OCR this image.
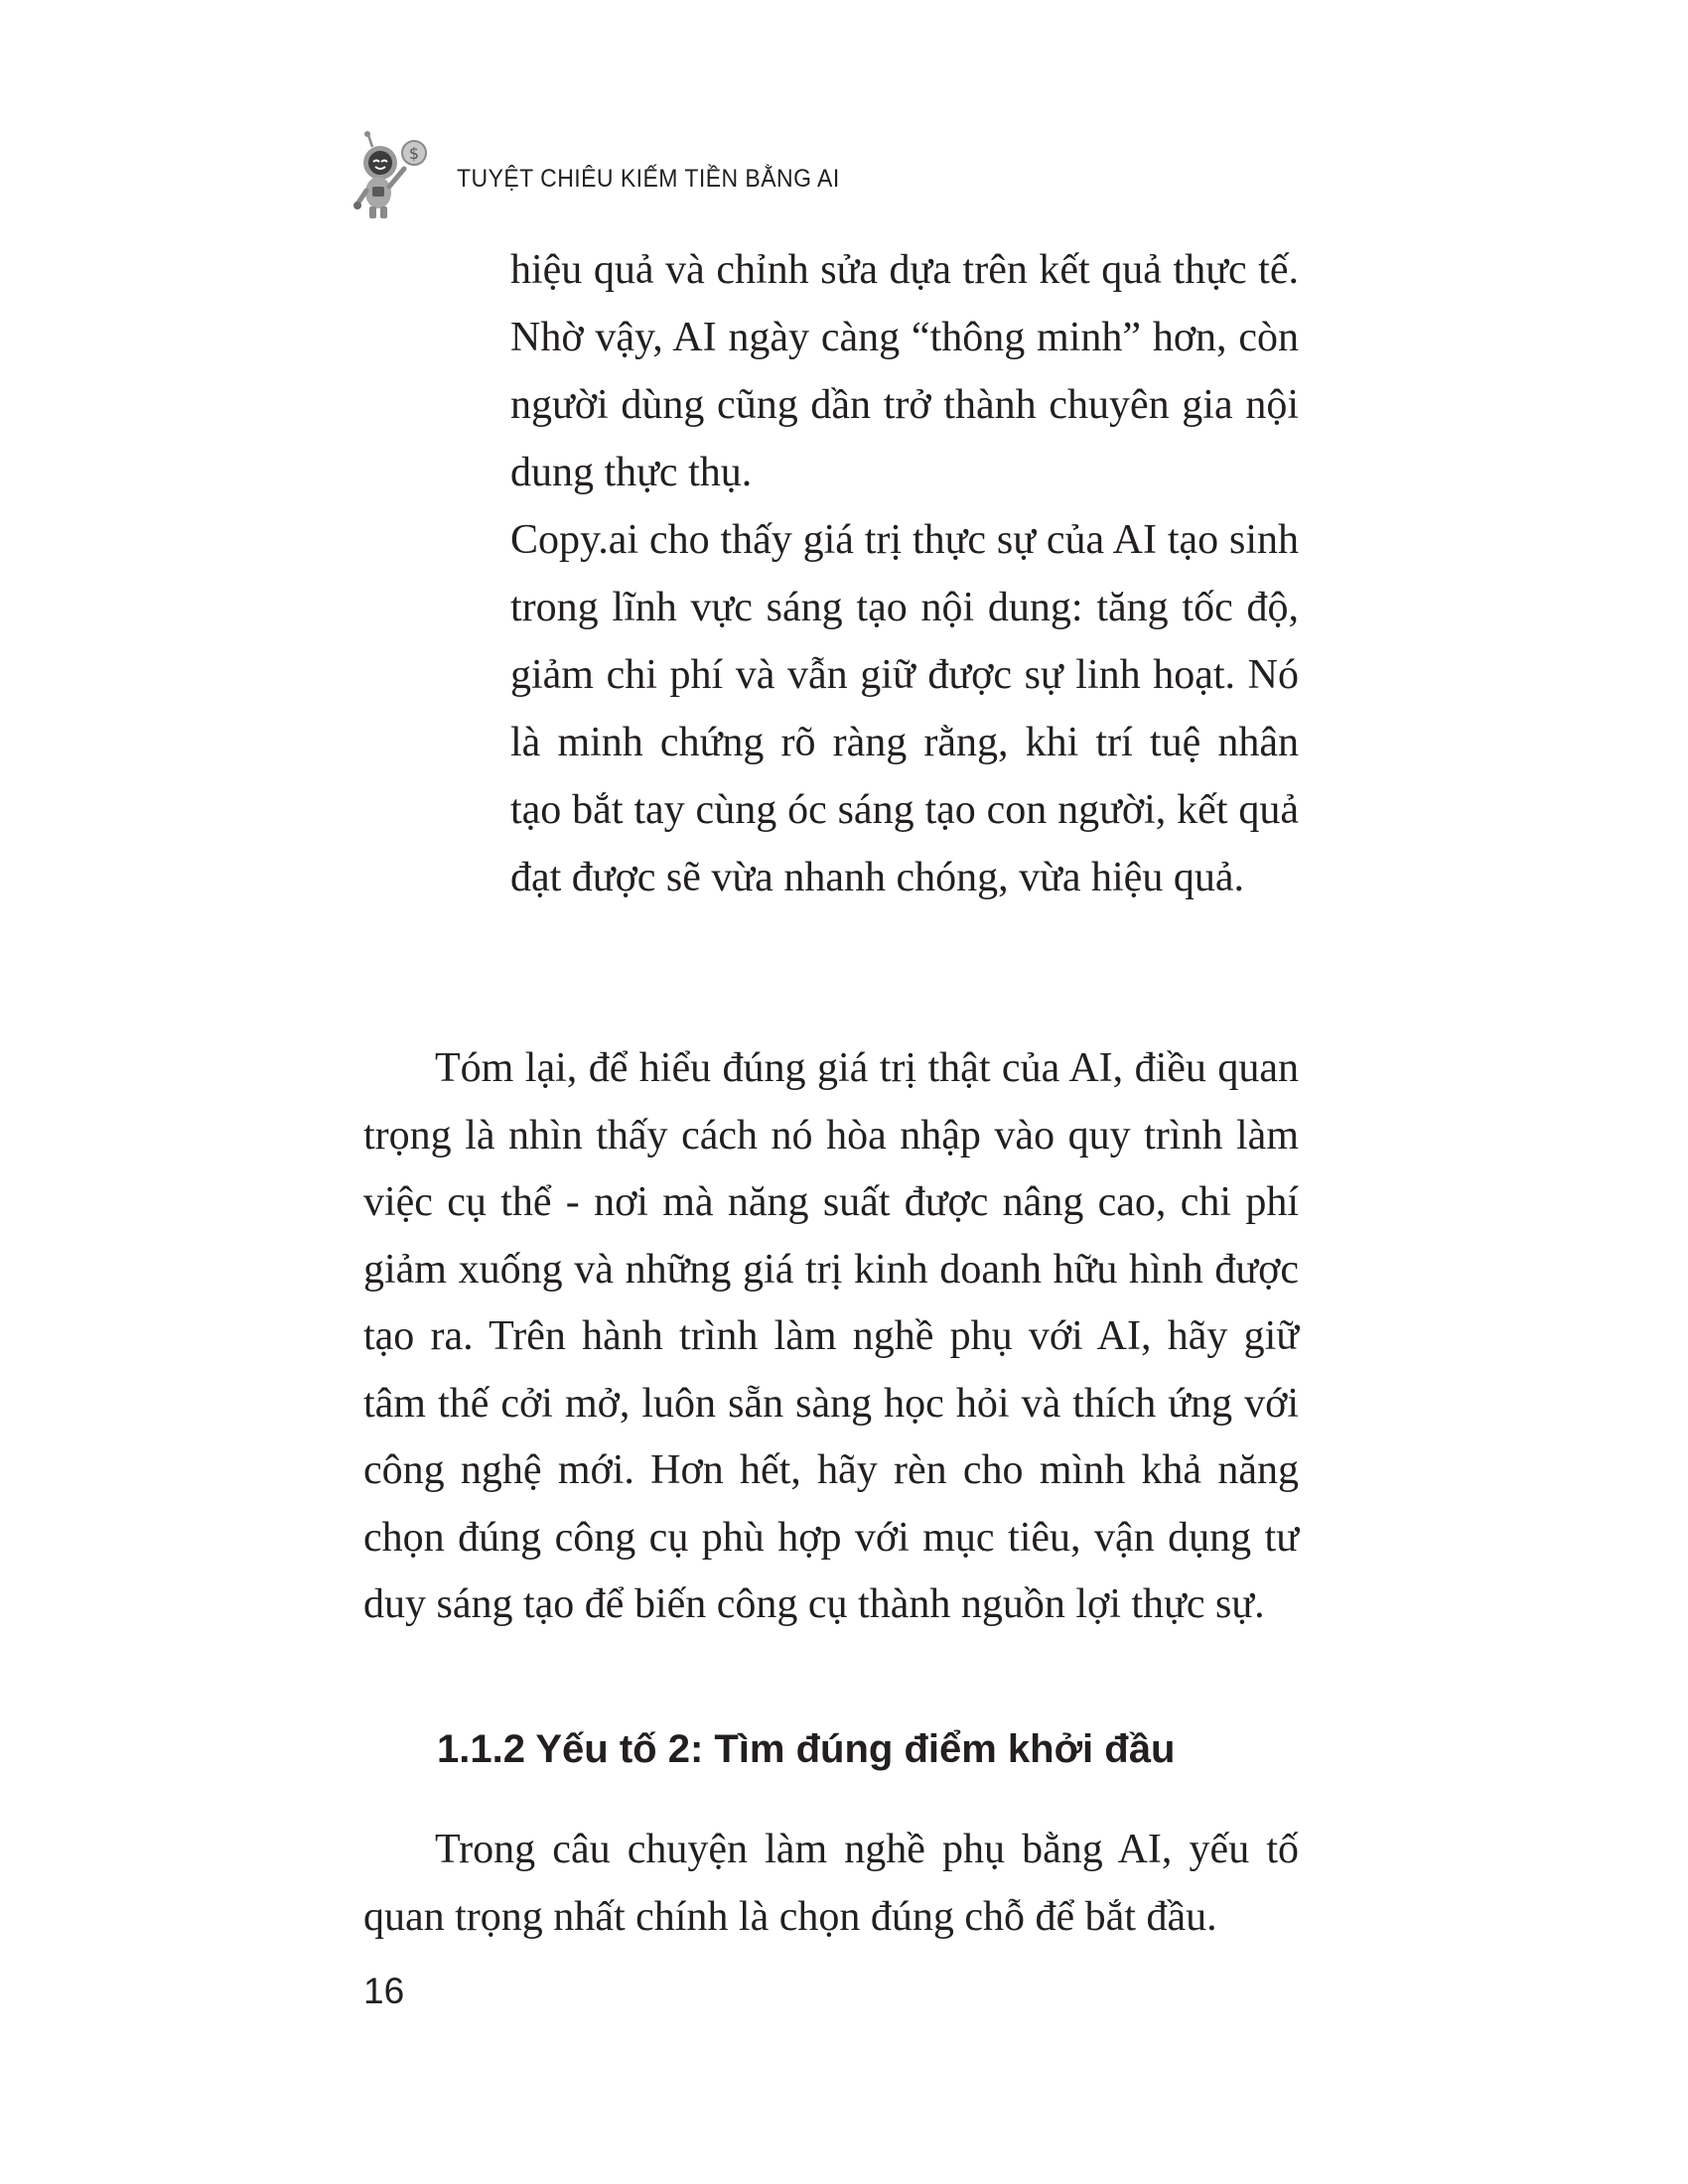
$
TUYỆT CHIÊU KIẾM TIỀN BẰNG AI

hiệu quả và chỉnh sửa dựa trên kết quả thực tế. Nhờ vậy, AI ngày càng “thông minh” hơn, còn người dùng cũng dần trở thành chuyên gia nội dung thực thụ.

Copy.ai cho thấy giá trị thực sự của AI tạo sinh trong lĩnh vực sáng tạo nội dung: tăng tốc độ, giảm chi phí và vẫn giữ được sự linh hoạt. Nó là minh chứng rõ ràng rằng, khi trí tuệ nhân tạo bắt tay cùng óc sáng tạo con người, kết quả đạt được sẽ vừa nhanh chóng, vừa hiệu quả.

Tóm lại, để hiểu đúng giá trị thật của AI, điều quan trọng là nhìn thấy cách nó hòa nhập vào quy trình làm việc cụ thể - nơi mà năng suất được nâng cao, chi phí giảm xuống và những giá trị kinh doanh hữu hình được tạo ra. Trên hành trình làm nghề phụ với AI, hãy giữ tâm thế cởi mở, luôn sẵn sàng học hỏi và thích ứng với công nghệ mới. Hơn hết, hãy rèn cho mình khả năng chọn đúng công cụ phù hợp với mục tiêu, vận dụng tư duy sáng tạo để biến công cụ thành nguồn lợi thực sự.

1.1.2 Yếu tố 2: Tìm đúng điểm khởi đầu

Trong câu chuyện làm nghề phụ bằng AI, yếu tố quan trọng nhất chính là chọn đúng chỗ để bắt đầu.

16
